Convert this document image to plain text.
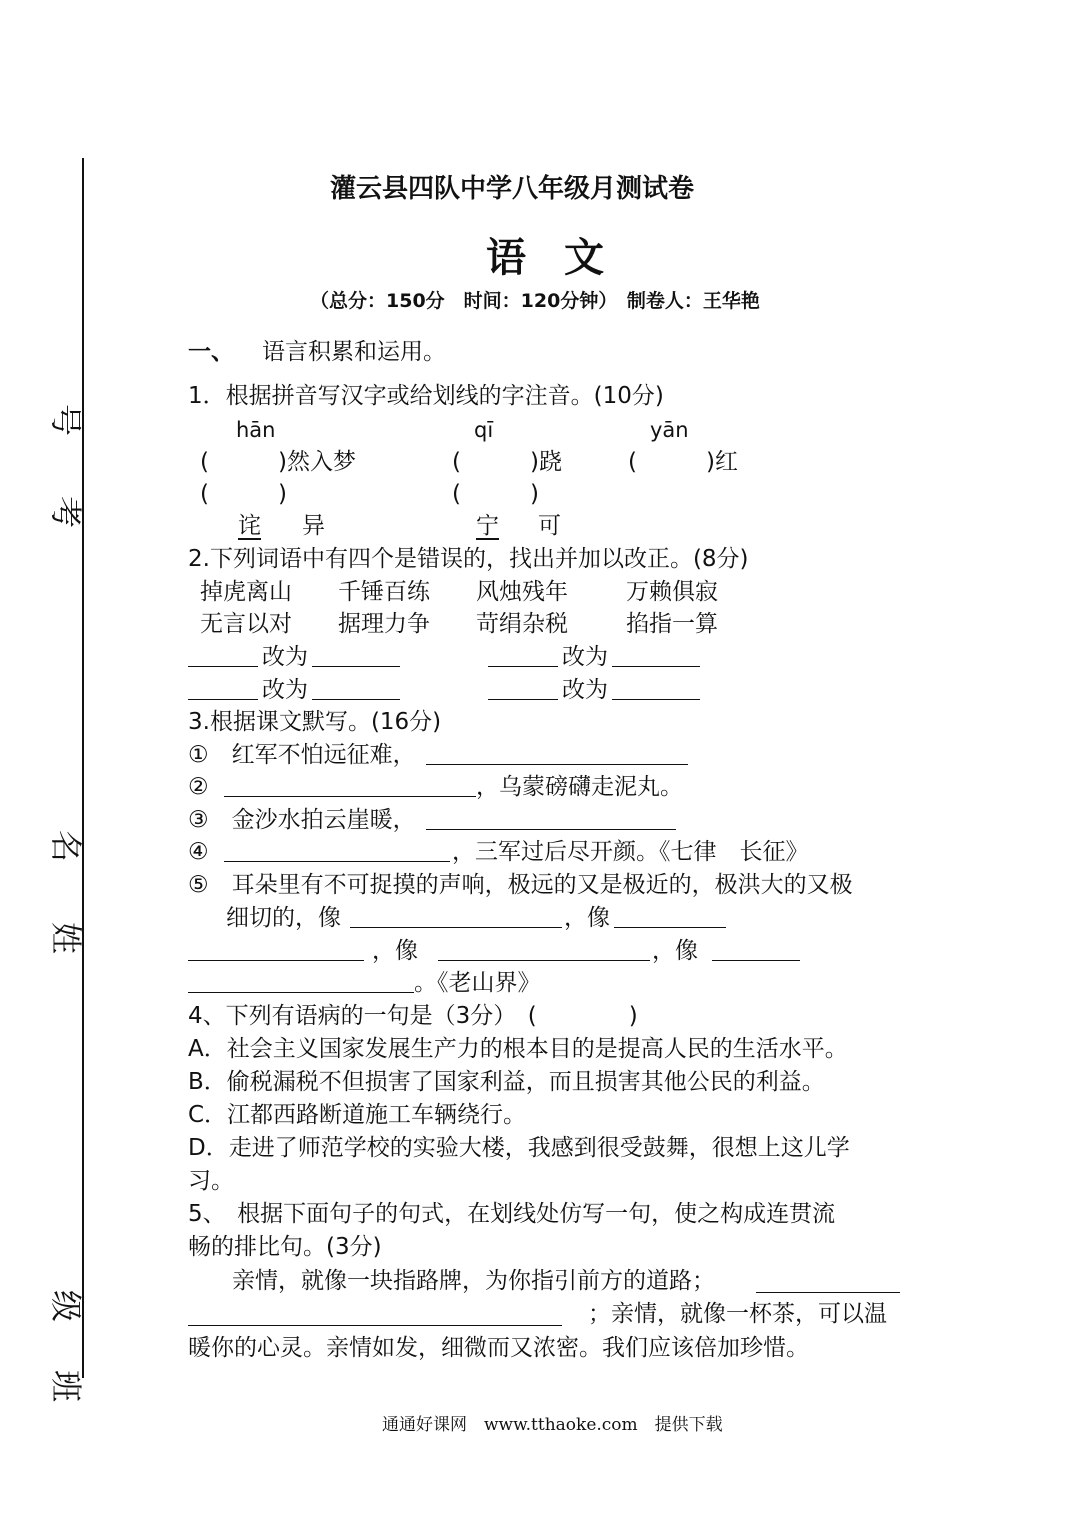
号
考
名
姓
级
班
灌云县四队中学八年级月测试卷
语文
（总分：150分　时间：120分钟）　制卷人：王华艳
一、 语言积累和运用。
1．根据拼音写汉字或给划线的字注音。(10分)
hān	qī	yān
(　　　)然入梦	(　　　)跷	(　　　)红
(　　　)	(　　　)
诧 异	宁 可
2.下列词语中有四个是错误的，找出并加以改正。(8分)
掉虎离山 千锤百练 风烛残年	万赖俱寂
无言以对 据理力争 苛绢杂税	掐指一算
改为	改为
改为	改为
3.根据课文默写。(16分)
①　红军不怕远征难，
②	，乌蒙磅礴走泥丸。
③　金沙水拍云崖暖，
④	，三军过后尽开颜。《七律　长征》
⑤　耳朵里有不可捉摸的声响，极远的又是极近的，极洪大的又极
细切的，像	，像
，像	，像
。《老山界》
4、下列有语病的一句是（3分）　(　　　　)
A．社会主义国家发展生产力的根本目的是提高人民的生活水平。
B．偷税漏税不但损害了国家利益，而且损害其他公民的利益。
C．江都西路断道施工车辆绕行。
D．走进了师范学校的实验大楼，我感到很受鼓舞，很想上这儿学
习。
5、　根据下面句子的句式，在划线处仿写一句，使之构成连贯流
畅的排比句。(3分)
亲情，就像一块指路牌，为你指引前方的道路；
；亲情，就像一杯茶，可以温
暖你的心灵。亲情如发，细微而又浓密。我们应该倍加珍惜。
通通好课网　www.tthaoke.com　提供下载
